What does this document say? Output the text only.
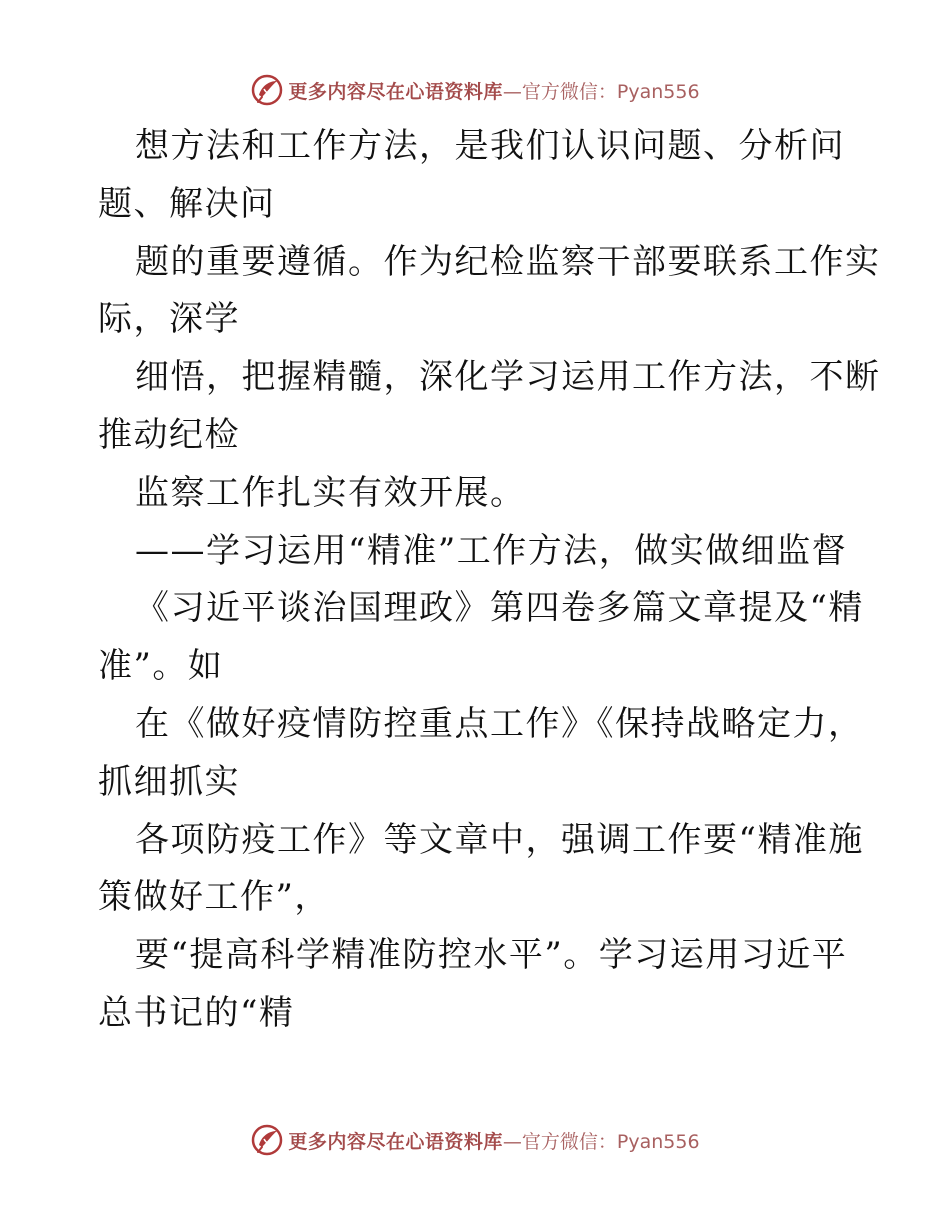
更多内容尽在心语资料库 —官方微信：Pyan556
想方法和工作方法，是我们认识问题、分析问
题、解决问
题的重要遵循。作为纪检监察干部要联系工作实
际，深学
细悟，把握精髓，深化学习运用工作方法，不断
推动纪检
监察工作扎实有效开展。
——学习运用“精准”工作方法，做实做细监督
《习近平谈治国理政》第四卷多篇文章提及“精
准”。如
在《做好疫情防控重点工作》《保持战略定力，
抓细抓实
各项防疫工作》等文章中，强调工作要“精准施
策做好工作”，
要“提高科学精准防控水平”。学习运用习近平
总书记的“精
更多内容尽在心语资料库 —官方微信：Pyan556
